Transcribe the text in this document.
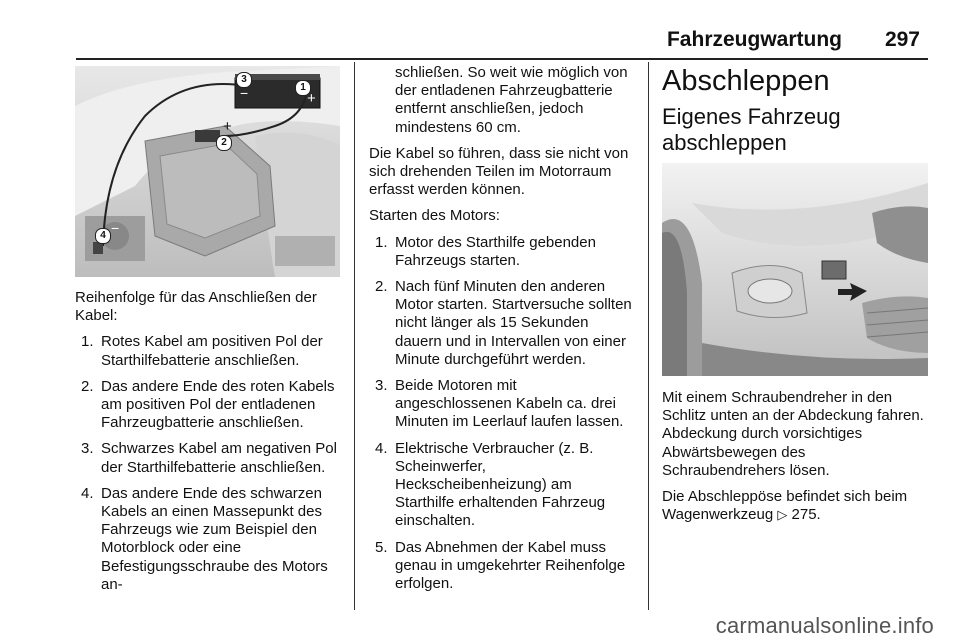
Fahrzeugwartung 297
3
−	1
+
2
+
4 −

Reihenfolge für das Anschließen der Kabel:

1. Rotes Kabel am positiven Pol der Starthilfebatterie anschließen.
2. Das andere Ende des roten Kabels am positiven Pol der entladenen Fahrzeugbatterie anschließen.
3. Schwarzes Kabel am negativen Pol der Starthilfebatterie anschließen.
4. Das andere Ende des schwarzen Kabels an einen Massepunkt des Fahrzeugs wie zum Beispiel den Motorblock oder eine Befestigungsschraube des Motors an-
schließen. So weit wie möglich von der entladenen Fahrzeugbatterie entfernt anschließen, jedoch mindestens 60 cm.

Die Kabel so führen, dass sie nicht von sich drehenden Teilen im Motorraum erfasst werden können.

Starten des Motors:

1. Motor des Starthilfe gebenden Fahrzeugs starten.
2. Nach fünf Minuten den anderen Motor starten. Startversuche sollten nicht länger als 15 Sekunden dauern und in Intervallen von einer Minute durchgeführt werden.
3. Beide Motoren mit angeschlossenen Kabeln ca. drei Minuten im Leerlauf laufen lassen.
4. Elektrische Verbraucher (z. B. Scheinwerfer, Heckscheibenheizung) am Starthilfe erhaltenden Fahrzeug einschalten.
5. Das Abnehmen der Kabel muss genau in umgekehrter Reihenfolge erfolgen.
Abschleppen
Eigenes Fahrzeug abschleppen

Mit einem Schraubendreher in den Schlitz unten an der Abdeckung fahren. Abdeckung durch vorsichtiges Abwärtsbewegen des Schraubendrehers lösen.

Die Abschleppöse befindet sich beim Wagenwerkzeug ▷ 275.

carmanualsonline.info
